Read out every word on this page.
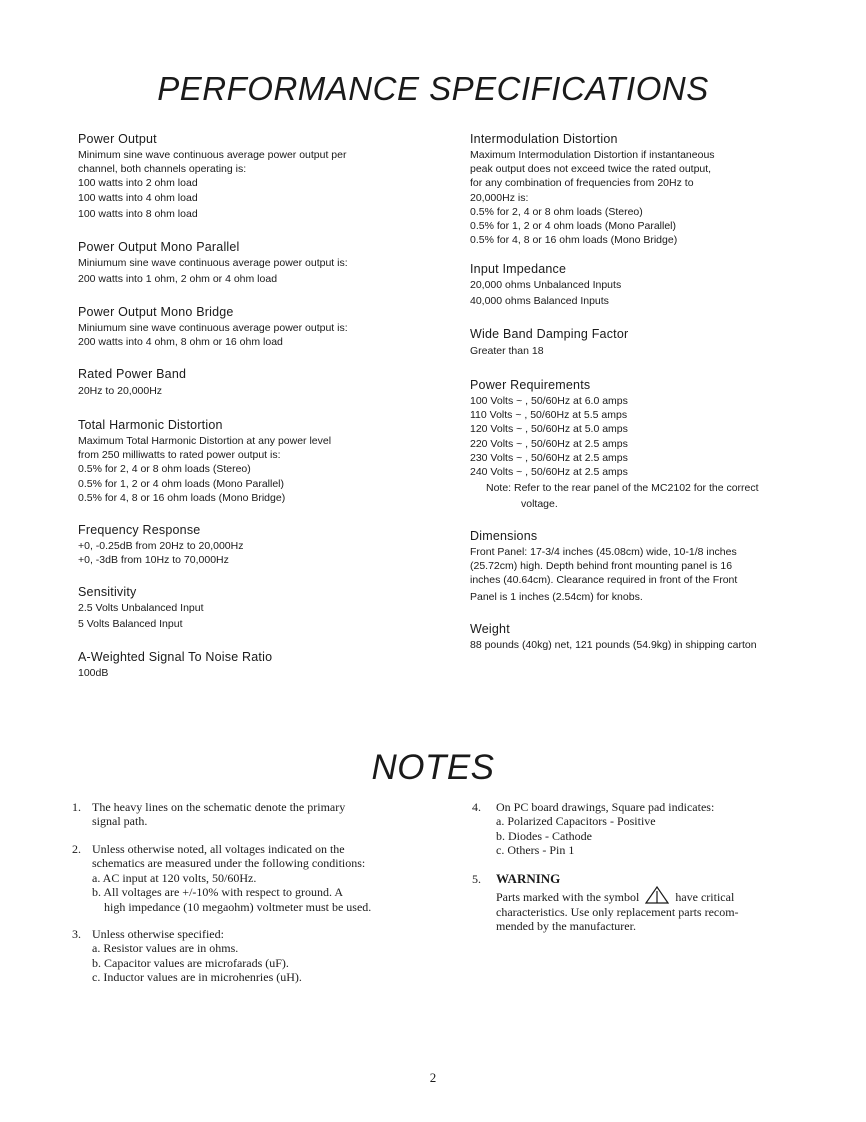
PERFORMANCE SPECIFICATIONS
Power Output
Minimum sine wave continuous average power output per
channel, both channels operating is:
100 watts into 2 ohm load
100 watts into 4 ohm load
100 watts into 8 ohm load
Power Output Mono Parallel
Miniumum sine wave continuous average power output is:
200 watts into 1 ohm, 2 ohm or 4 ohm load
Power Output Mono Bridge
Miniumum sine wave continuous average power output is:
200 watts into 4 ohm, 8 ohm or 16 ohm load
Rated Power Band
20Hz to 20,000Hz
Total Harmonic Distortion
Maximum Total Harmonic Distortion at any power level
from 250 milliwatts to rated power output is:
0.5% for 2, 4 or 8 ohm loads (Stereo)
0.5% for 1, 2 or 4 ohm loads (Mono Parallel)
0.5% for 4, 8 or 16 ohm loads (Mono Bridge)
Frequency Response
+0, -0.25dB from 20Hz to 20,000Hz
+0, -3dB from 10Hz to 70,000Hz
Sensitivity
2.5 Volts Unbalanced Input
5 Volts Balanced Input
A-Weighted Signal To Noise Ratio
100dB
Intermodulation Distortion
Maximum Intermodulation Distortion if instantaneous
peak output does not exceed twice the rated output,
for any combination of frequencies from 20Hz to
20,000Hz is:
0.5% for 2, 4 or 8 ohm loads (Stereo)
0.5% for 1, 2 or 4 ohm loads (Mono Parallel)
0.5% for 4, 8 or 16 ohm loads (Mono Bridge)
Input Impedance
20,000 ohms Unbalanced Inputs
40,000 ohms Balanced Inputs
Wide Band Damping Factor
Greater than 18
Power Requirements
100 Volts ~ , 50/60Hz at 6.0 amps
110 Volts ~ , 50/60Hz at 5.5 amps
120 Volts ~ , 50/60Hz at 5.0 amps
220 Volts ~ , 50/60Hz at 2.5 amps
230 Volts ~ , 50/60Hz at 2.5 amps
240 Volts ~ , 50/60Hz at 2.5 amps
Note: Refer to the rear panel of the MC2102 for the correct
voltage.
Dimensions
Front Panel: 17-3/4 inches (45.08cm) wide, 10-1/8 inches
(25.72cm) high. Depth behind front mounting panel is 16
inches (40.64cm). Clearance required in front of the Front
Panel is 1 inches (2.54cm) for knobs.
Weight
88 pounds (40kg) net, 121 pounds (54.9kg) in shipping carton
NOTES
1. The heavy lines on the schematic denote the primary
signal path.
2. Unless otherwise noted, all voltages indicated on the
schematics are measured under the following conditions:
a. AC input at 120 volts, 50/60Hz.
b. All voltages are +/-10% with respect to ground. A
high impedance (10 megaohm) voltmeter must be used.
3. Unless otherwise specified:
a. Resistor values are in ohms.
b. Capacitor values are microfarads (uF).
c. Inductor values are in microhenries (uH).
4. On PC board drawings, Square pad indicates:
a. Polarized Capacitors - Positive
b. Diodes - Cathode
c. Others - Pin 1
5. WARNING
Parts marked with the symbol	have critical
characteristics. Use only replacement parts recom-
mended by the manufacturer.
2
